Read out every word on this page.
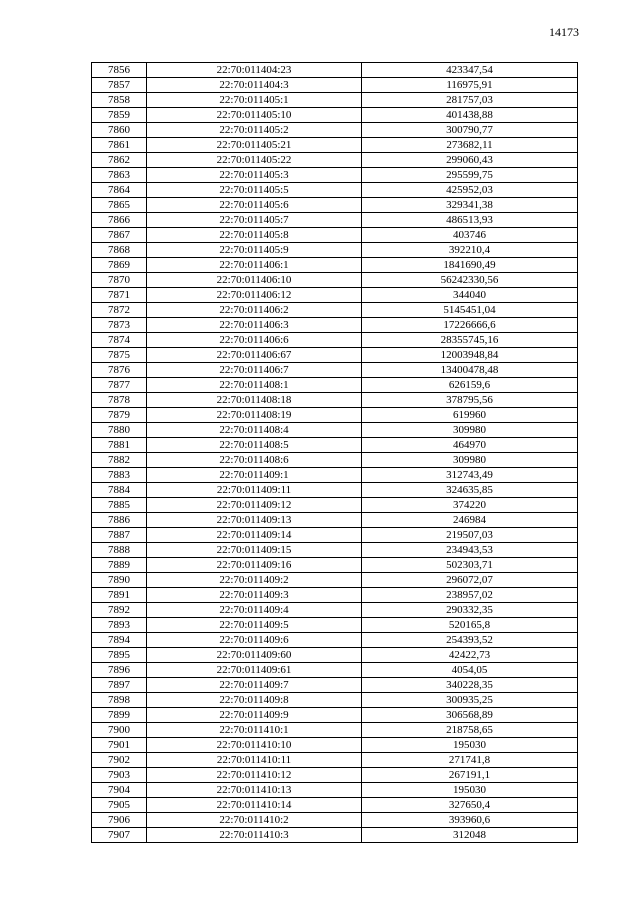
14173
7856	22:70:011404:23	423347,54
7857	22:70:011404:3	116975,91
7858	22:70:011405:1	281757,03
7859	22:70:011405:10	401438,88
7860	22:70:011405:2	300790,77
7861	22:70:011405:21	273682,11
7862	22:70:011405:22	299060,43
7863	22:70:011405:3	295599,75
7864	22:70:011405:5	425952,03
7865	22:70:011405:6	329341,38
7866	22:70:011405:7	486513,93
7867	22:70:011405:8	403746
7868	22:70:011405:9	392210,4
7869	22:70:011406:1	1841690,49
7870	22:70:011406:10	56242330,56
7871	22:70:011406:12	344040
7872	22:70:011406:2	5145451,04
7873	22:70:011406:3	17226666,6
7874	22:70:011406:6	28355745,16
7875	22:70:011406:67	12003948,84
7876	22:70:011406:7	13400478,48
7877	22:70:011408:1	626159,6
7878	22:70:011408:18	378795,56
7879	22:70:011408:19	619960
7880	22:70:011408:4	309980
7881	22:70:011408:5	464970
7882	22:70:011408:6	309980
7883	22:70:011409:1	312743,49
7884	22:70:011409:11	324635,85
7885	22:70:011409:12	374220
7886	22:70:011409:13	246984
7887	22:70:011409:14	219507,03
7888	22:70:011409:15	234943,53
7889	22:70:011409:16	502303,71
7890	22:70:011409:2	296072,07
7891	22:70:011409:3	238957,02
7892	22:70:011409:4	290332,35
7893	22:70:011409:5	520165,8
7894	22:70:011409:6	254393,52
7895	22:70:011409:60	42422,73
7896	22:70:011409:61	4054,05
7897	22:70:011409:7	340228,35
7898	22:70:011409:8	300935,25
7899	22:70:011409:9	306568,89
7900	22:70:011410:1	218758,65
7901	22:70:011410:10	195030
7902	22:70:011410:11	271741,8
7903	22:70:011410:12	267191,1
7904	22:70:011410:13	195030
7905	22:70:011410:14	327650,4
7906	22:70:011410:2	393960,6
7907	22:70:011410:3	312048
